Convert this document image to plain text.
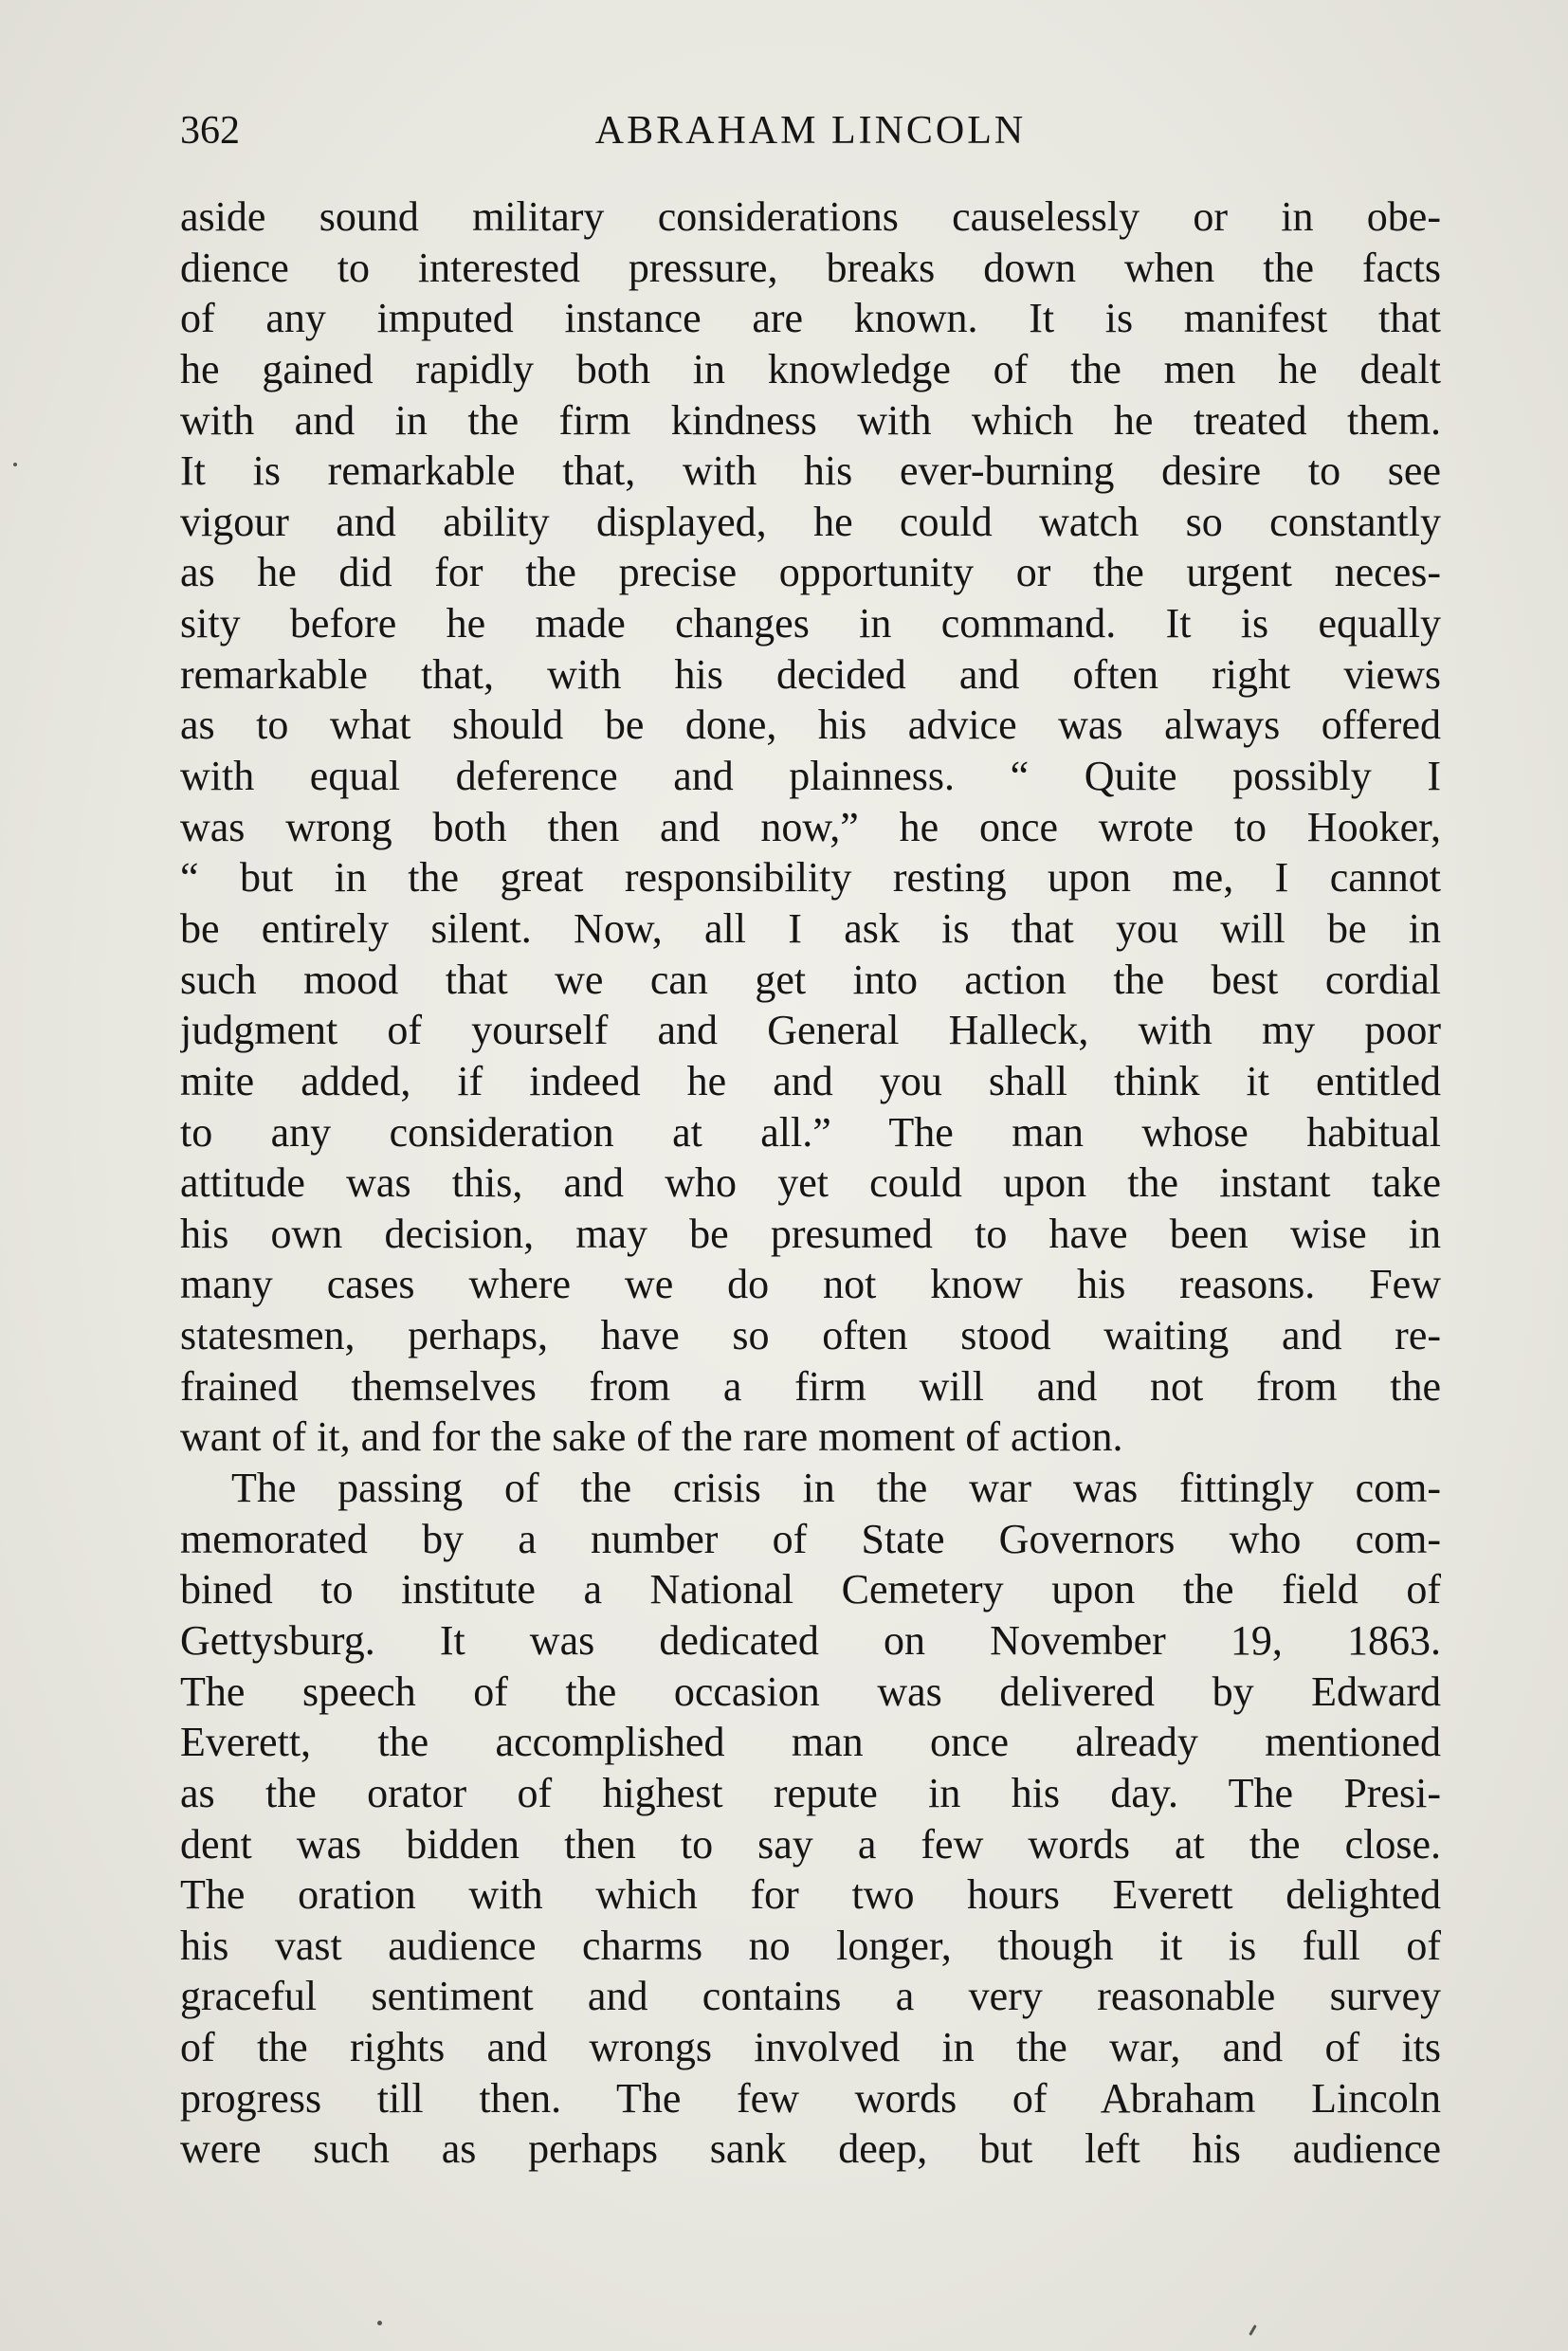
362	ABRAHAM LINCOLN
aside sound military considerations causelessly or in obe-
dience to interested pressure, breaks down when the facts
of any imputed instance are known. It is manifest that
he gained rapidly both in knowledge of the men he dealt
with and in the firm kindness with which he treated them.
It is remarkable that, with his ever-burning desire to see
vigour and ability displayed, he could watch so constantly
as he did for the precise opportunity or the urgent neces-
sity before he made changes in command. It is equally
remarkable that, with his decided and often right views
as to what should be done, his advice was always offered
with equal deference and plainness. “ Quite possibly I
was wrong both then and now,” he once wrote to Hooker,
“ but in the great responsibility resting upon me, I cannot
be entirely silent. Now, all I ask is that you will be in
such mood that we can get into action the best cordial
judgment of yourself and General Halleck, with my poor
mite added, if indeed he and you shall think it entitled
to any consideration at all.” The man whose habitual
attitude was this, and who yet could upon the instant take
his own decision, may be presumed to have been wise in
many cases where we do not know his reasons. Few
statesmen, perhaps, have so often stood waiting and re-
frained themselves from a firm will and not from the
want of it, and for the sake of the rare moment of action.
The passing of the crisis in the war was fittingly com-
memorated by a number of State Governors who com-
bined to institute a National Cemetery upon the field of
Gettysburg. It was dedicated on November 19, 1863.
The speech of the occasion was delivered by Edward
Everett, the accomplished man once already mentioned
as the orator of highest repute in his day. The Presi-
dent was bidden then to say a few words at the close.
The oration with which for two hours Everett delighted
his vast audience charms no longer, though it is full of
graceful sentiment and contains a very reasonable survey
of the rights and wrongs involved in the war, and of its
progress till then. The few words of Abraham Lincoln
were such as perhaps sank deep, but left his audience
